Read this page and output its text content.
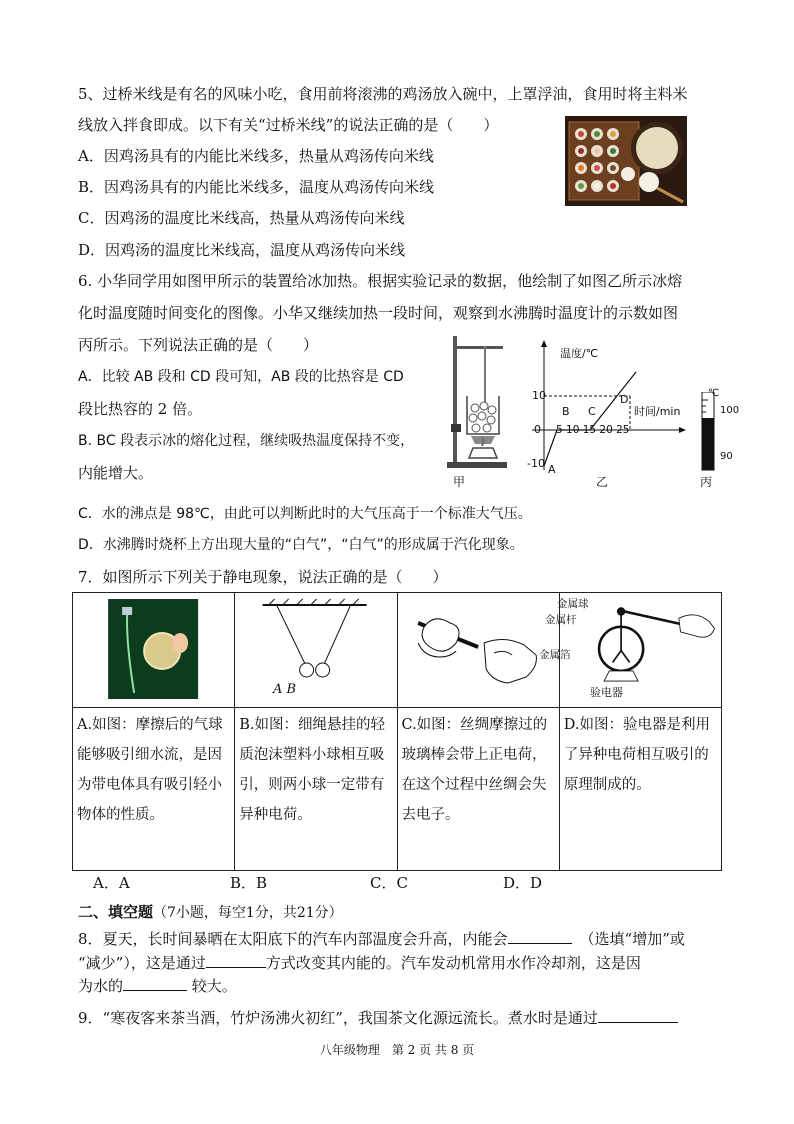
5、过桥米线是有名的风味小吃，食用前将滚沸的鸡汤放入碗中，上罩浮油，食用时将主料米
线放入拌食即成。以下有关“过桥米线”的说法正确的是（　　）
A．因鸡汤具有的内能比米线多，热量从鸡汤传向米线
B．因鸡汤具有的内能比米线多，温度从鸡汤传向米线
C．因鸡汤的温度比米线高，热量从鸡汤传向米线
D．因鸡汤的温度比米线高，温度从鸡汤传向米线
6. 小华同学用如图甲所示的装置给冰加热。根据实验记录的数据，他绘制了如图乙所示冰熔
化时温度随时间变化的图像。小华又继续加热一段时间，观察到水沸腾时温度计的示数如图
丙所示。下列说法正确的是（　　）
A．比较 AB 段和 CD 段可知，AB 段的比热容是 CD
段比热容的 2 倍。
B. BC 段表示冰的熔化过程，继续吸热温度保持不变，
内能增大。
C．水的沸点是 98℃，由此可以判断此时的大气压高于一个标准大气压。
D．水沸腾时烧杯上方出现大量的“白气”，“白气”的形成属于汽化现象。
甲
温度/℃
时间/min
10
0
-10
5 10 15 20 25
A
B C
D
乙
℃
100
90
丙
7．如图所示下列关于静电现象，说法正确的是（　　）

A.如图：摩擦后的气球能够吸引细水流，是因为带电体具有吸引轻小物体的性质。	B.如图：细绳悬挂的轻质泡沫塑料小球相互吸引，则两小球一定带有异种电荷。	C.如图：丝绸摩擦过的玻璃棒会带上正电荷，在这个过程中丝绸会失去电子。	D.如图：验电器是利用了异种电荷相互吸引的原理制成的。
A B
金属球
金属杆
金属箔
验电器
A．A	B．B	C．C	D．D
二、填空题（7小题，每空1分，共21分）
8．夏天，长时间暴晒在太阳底下的汽车内部温度会升高，内能会	（选填“增加”或
“减少”），这是通过	方式改变其内能的。汽车发动机常用水作冷却剂，这是因
为水的	较大。
9．“寒夜客来茶当酒，竹炉汤沸火初红”，我国茶文化源远流长。煮水时是通过
八年级物理　第 2 页 共 8 页
